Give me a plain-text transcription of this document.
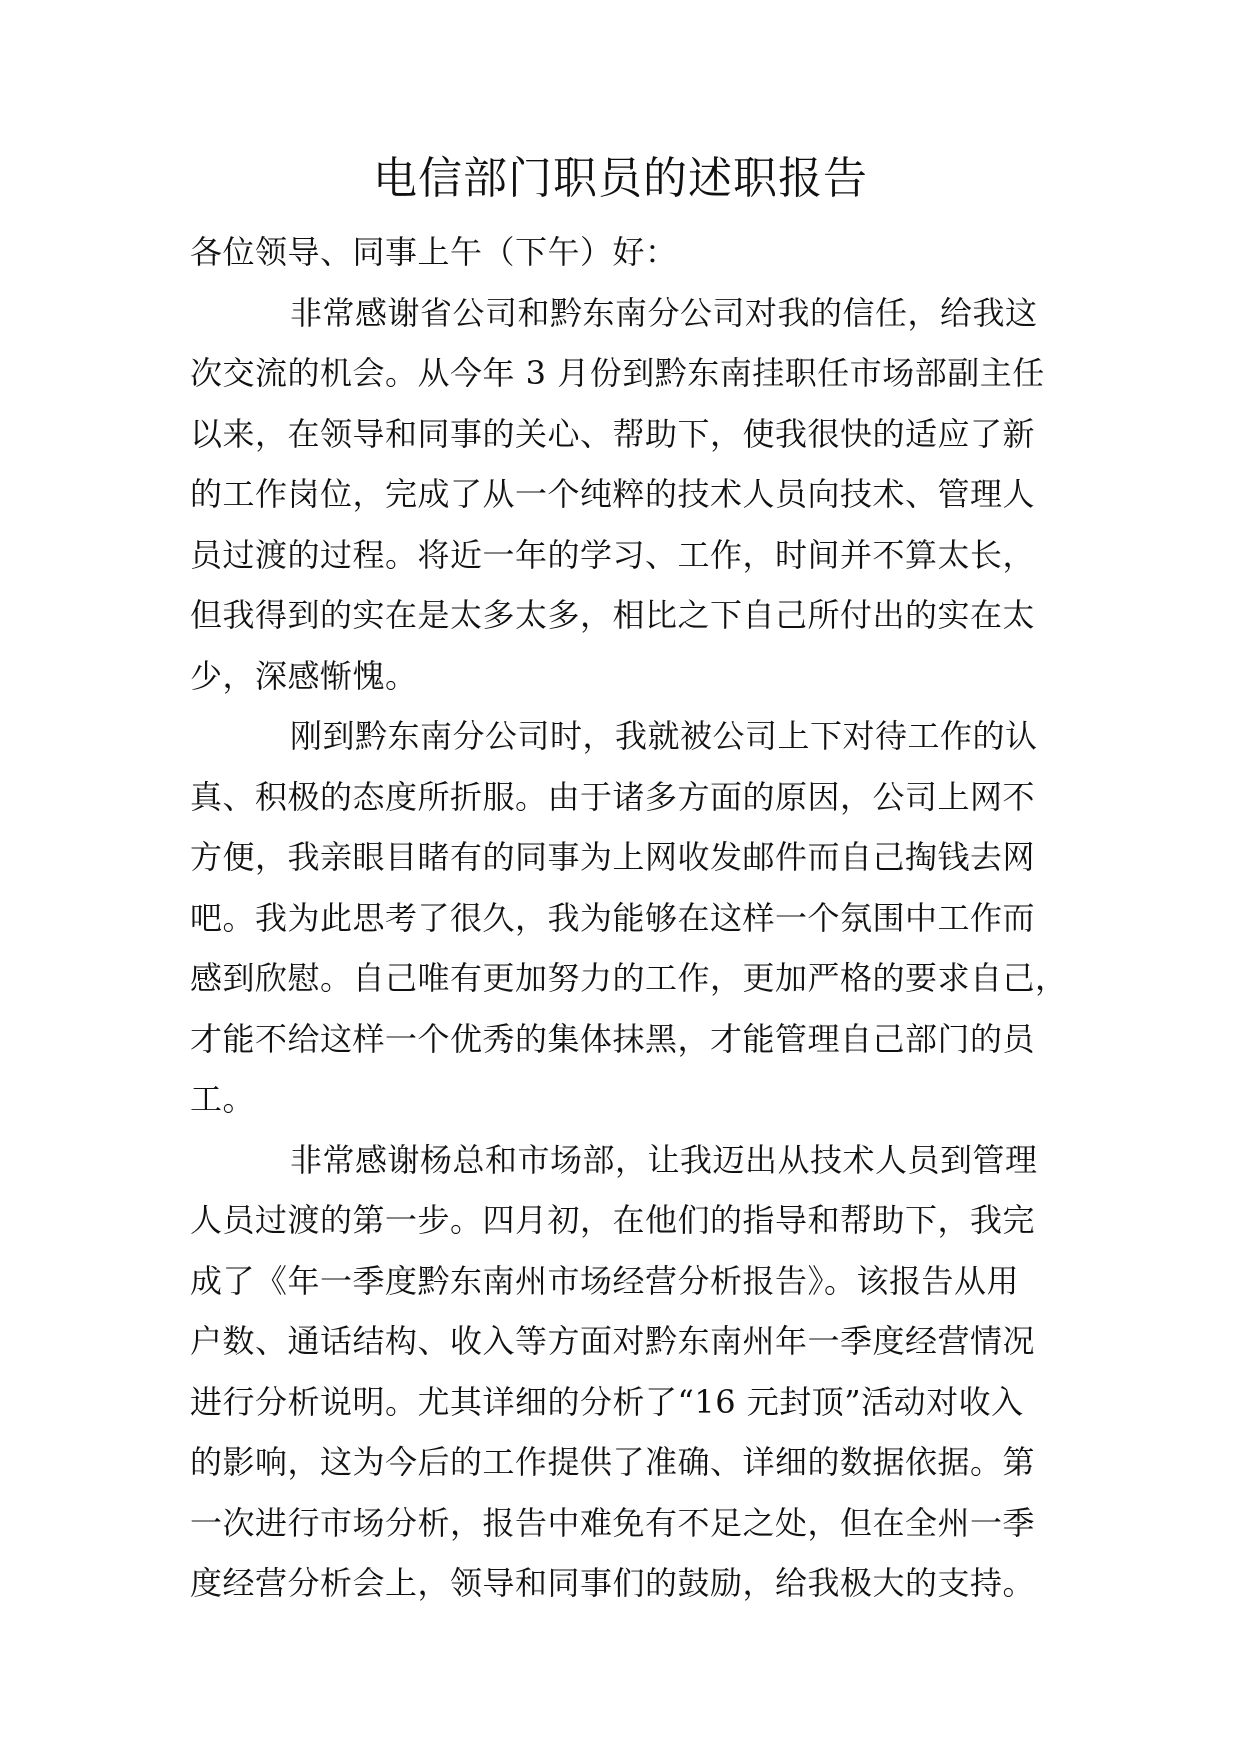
电信部门职员的述职报告
各位领导、同事上午（下午）好：
非常感谢省公司和黔东南分公司对我的信任，给我这
次交流的机会。从今年 3 月份到黔东南挂职任市场部副主任
以来，在领导和同事的关心、帮助下，使我很快的适应了新
的工作岗位，完成了从一个纯粹的技术人员向技术、管理人
员过渡的过程。将近一年的学习、工作，时间并不算太长，
但我得到的实在是太多太多，相比之下自己所付出的实在太
少，深感惭愧。
刚到黔东南分公司时，我就被公司上下对待工作的认
真、积极的态度所折服。由于诸多方面的原因，公司上网不
方便，我亲眼目睹有的同事为上网收发邮件而自己掏钱去网
吧。我为此思考了很久，我为能够在这样一个氛围中工作而
感到欣慰。自己唯有更加努力的工作，更加严格的要求自己，
才能不给这样一个优秀的集体抹黑，才能管理自己部门的员
工。
非常感谢杨总和市场部，让我迈出从技术人员到管理
人员过渡的第一步。四月初，在他们的指导和帮助下，我完
成了《年一季度黔东南州市场经营分析报告》。该报告从用
户数、通话结构、收入等方面对黔东南州年一季度经营情况
进行分析说明。尤其详细的分析了“16 元封顶”活动对收入
的影响，这为今后的工作提供了准确、详细的数据依据。第
一次进行市场分析，报告中难免有不足之处，但在全州一季
度经营分析会上，领导和同事们的鼓励，给我极大的支持。
